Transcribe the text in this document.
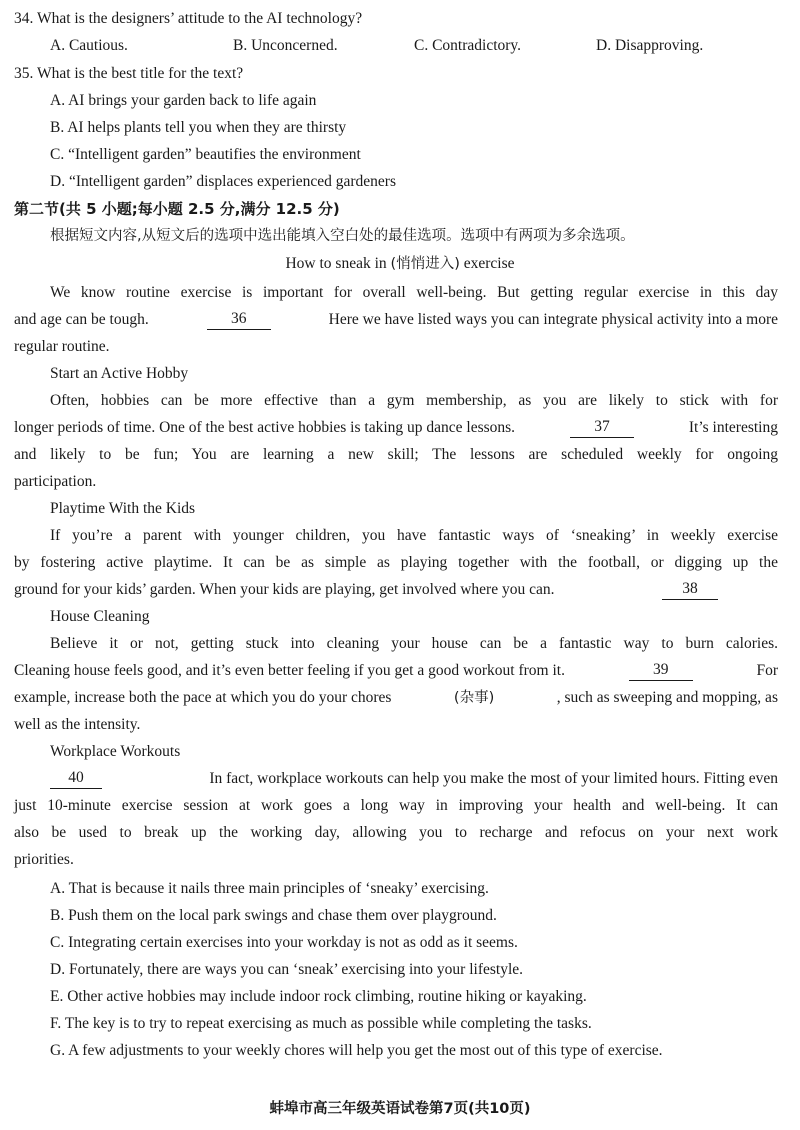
34. What is the designers’ attitude to the AI technology?
A. Cautious.	B. Unconcerned.	C. Contradictory.	D. Disapproving.
35. What is the best title for the text?
A. AI brings your garden back to life again
B. AI helps plants tell you when they are thirsty
C. “Intelligent garden” beautifies the environment
D. “Intelligent garden” displaces experienced gardeners
第二节(共 5 小题;每小题 2.5 分,满分 12.5 分)
根据短文内容,从短文后的选项中选出能填入空白处的最佳选项。选项中有两项为多余选项。
How to sneak in (悄悄进入) exercise
We know routine exercise is important for overall well-being. But getting regular exercise in this day
and age can be tough.	36	Here we have listed ways you can integrate physical activity into a more
regular routine.
Start an Active Hobby
Often, hobbies can be more effective than a gym membership, as you are likely to stick with for
longer periods of time. One of the best active hobbies is taking up dance lessons.	37	It’s interesting
and likely to be fun; You are learning a new skill; The lessons are scheduled weekly for ongoing
participation.
Playtime With the Kids
If you’re a parent with younger children, you have fantastic ways of ‘sneaking’ in weekly exercise
by fostering active playtime. It can be as simple as playing together with the football, or digging up the
ground for your kids’ garden. When your kids are playing, get involved where you can.	38
House Cleaning
Believe it or not, getting stuck into cleaning your house can be a fantastic way to burn calories.
Cleaning house feels good, and it’s even better feeling if you get a good workout from it.	39	For
example, increase both the pace at which you do your chores	(杂事)	, such as sweeping and mopping, as
well as the intensity.
Workplace Workouts
40	In fact, workplace workouts can help you make the most of your limited hours. Fitting even
just 10-minute exercise session at work goes a long way in improving your health and well-being. It can
also be used to break up the working day, allowing you to recharge and refocus on your next work
priorities.
A. That is because it nails three main principles of ‘sneaky’ exercising.
B. Push them on the local park swings and chase them over playground.
C. Integrating certain exercises into your workday is not as odd as it seems.
D. Fortunately, there are ways you can ‘sneak’ exercising into your lifestyle.
E. Other active hobbies may include indoor rock climbing, routine hiking or kayaking.
F. The key is to try to repeat exercising as much as possible while completing the tasks.
G. A few adjustments to your weekly chores will help you get the most out of this type of exercise.
蚌埠市高三年级英语试卷第7页(共10页)
